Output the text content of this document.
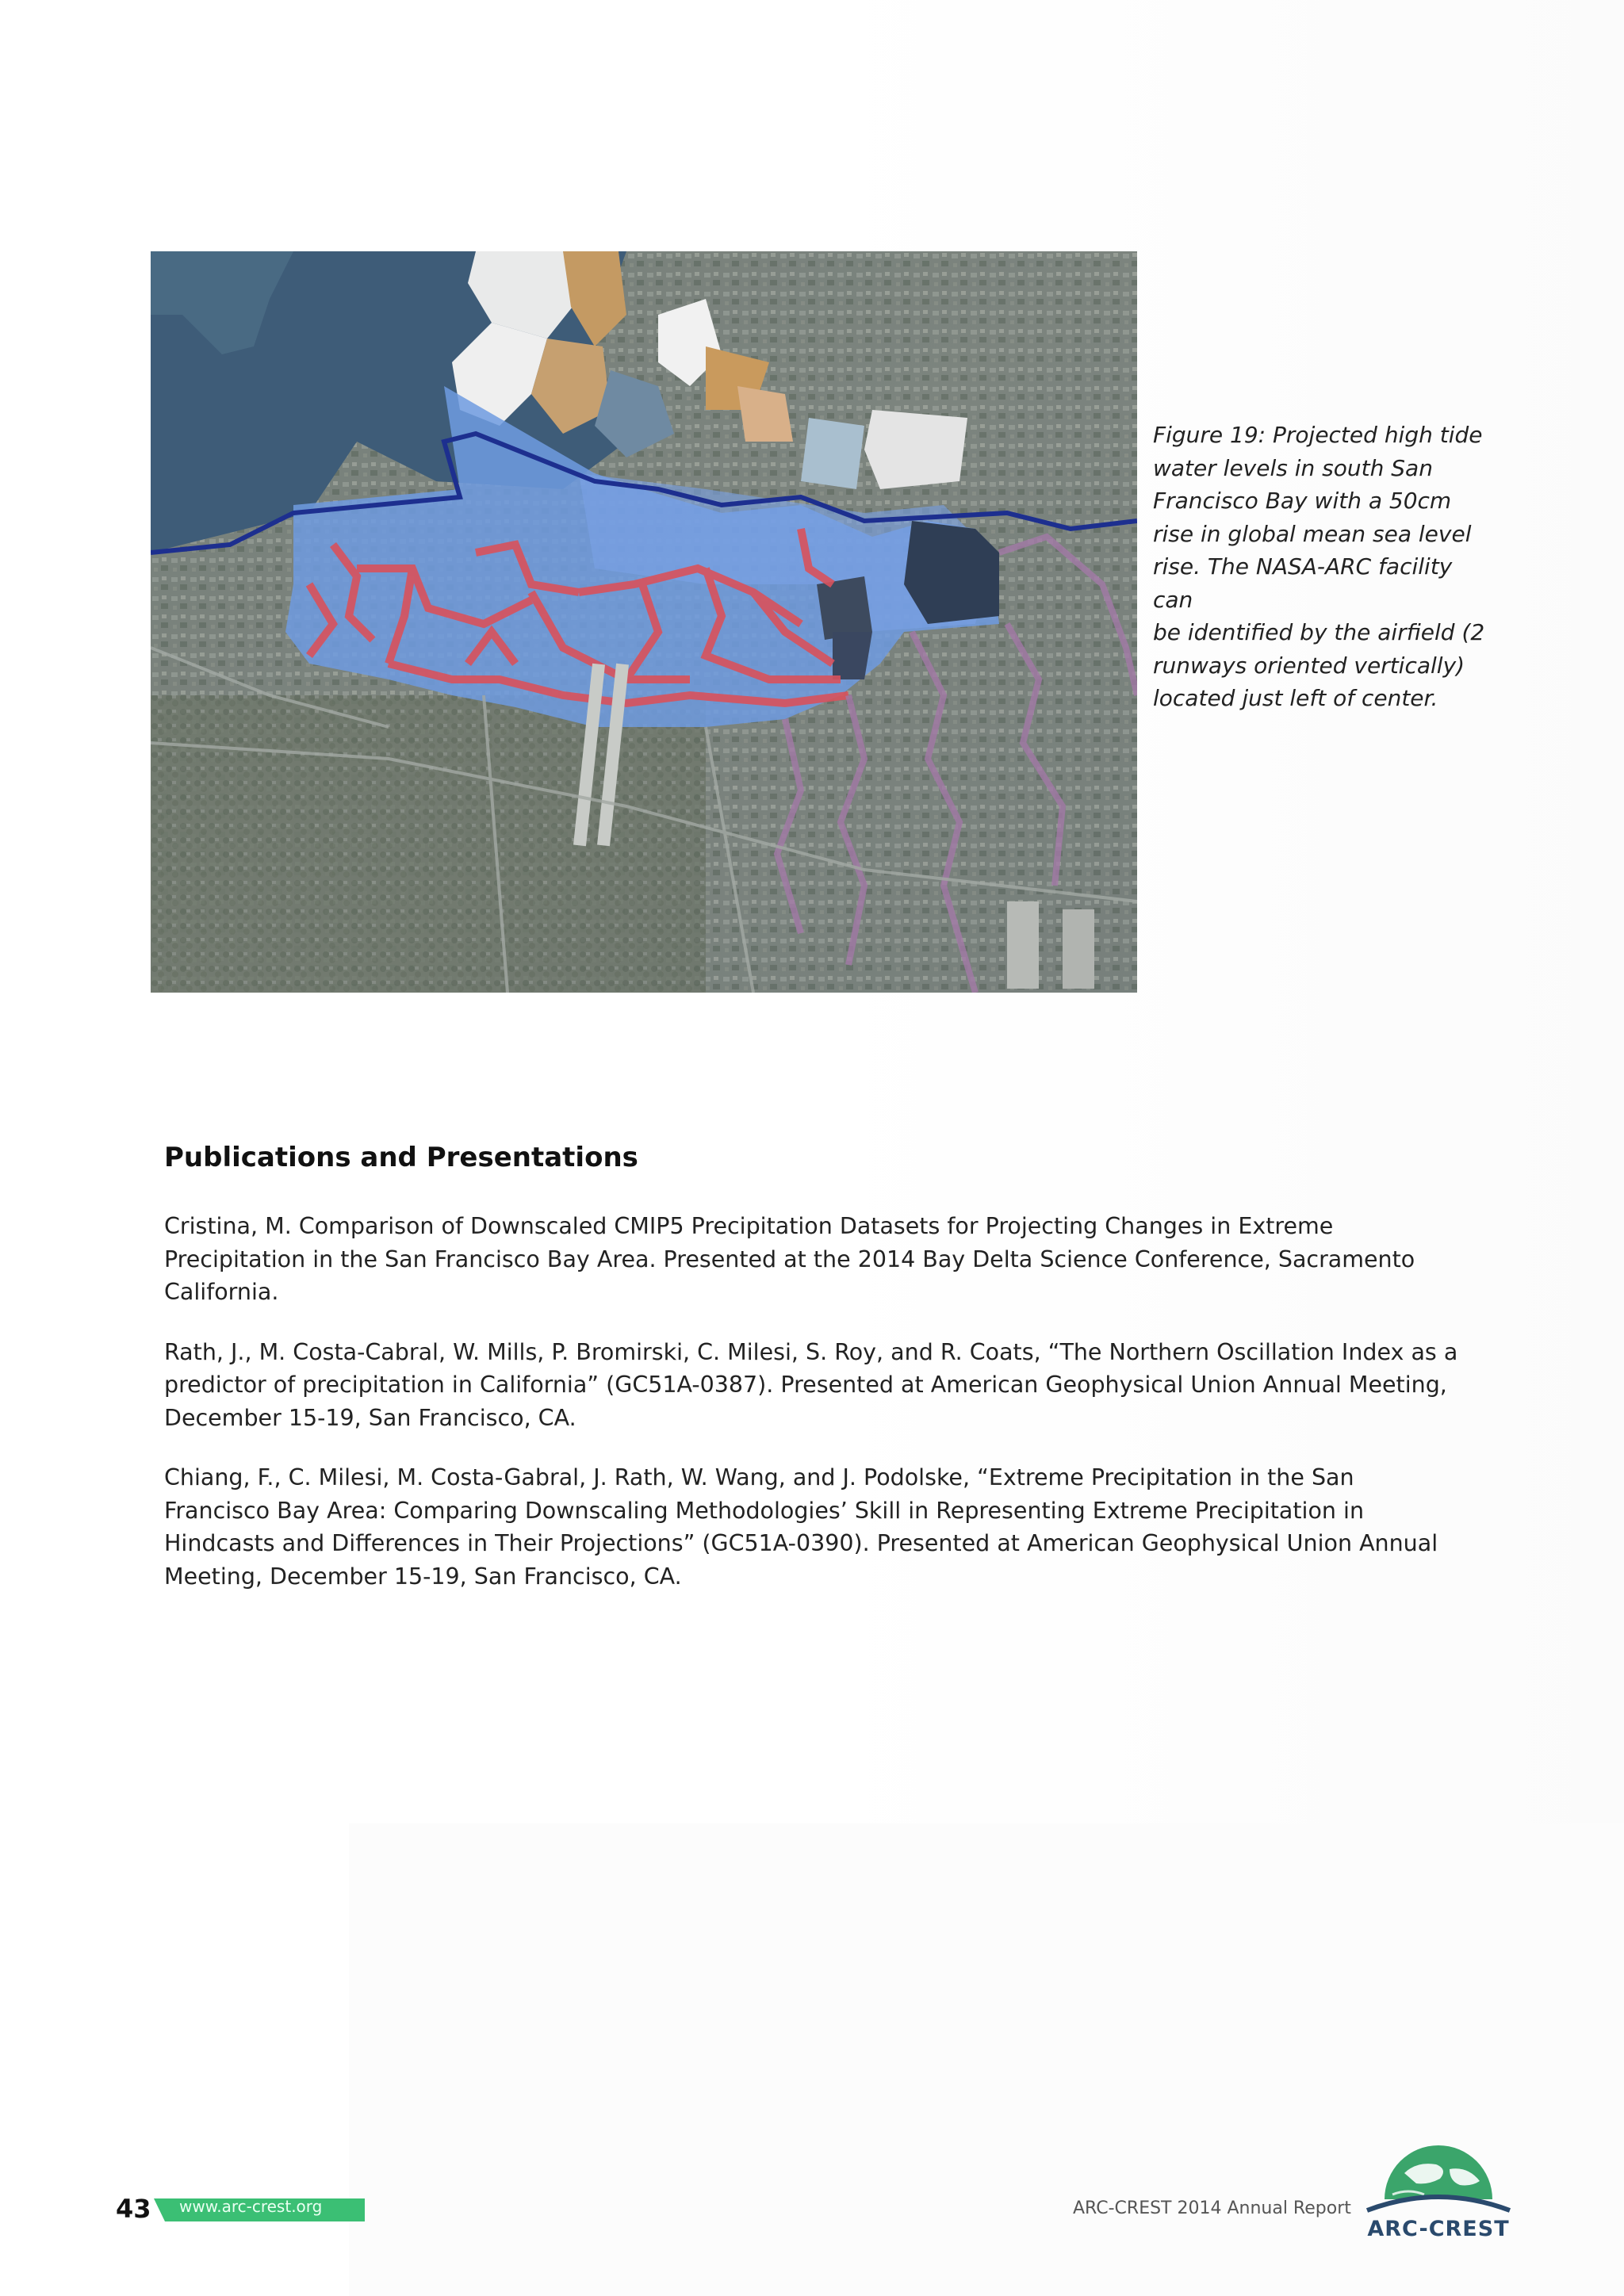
Figure 19: Projected high tide
water levels in south San
Francisco Bay with a 50cm
rise in global mean sea level
rise. The NASA-ARC facility can
be identified by the airfield (2
runways oriented vertically)
located just left of center.
Publications and Presentations

Cristina, M. Comparison of Downscaled CMIP5 Precipitation Datasets for Projecting Changes in Extreme Precipitation in the San Francisco Bay Area. Presented at the 2014 Bay Delta Science Conference, Sacramento California.

Rath, J., M. Costa-Cabral, W. Mills, P. Bromirski, C. Milesi, S. Roy, and R. Coats, “The Northern Oscillation Index as a predictor of precipitation in California” (GC51A-0387). Presented at American Geophysical Union Annual Meeting, December 15-19, San Francisco, CA.

Chiang, F., C. Milesi, M. Costa-Gabral, J. Rath, W. Wang, and J. Podolske, “Extreme Precipitation in the San Francisco Bay Area: Comparing Downscaling Methodologies’ Skill in Representing Extreme Precipitation in Hindcasts and Differences in Their Projections” (GC51A-0390). Presented at American Geophysical Union Annual Meeting, December 15-19, San Francisco, CA.

43 www.arc-crest.org	ARC-CREST 2014 Annual Report
ARC-CREST
